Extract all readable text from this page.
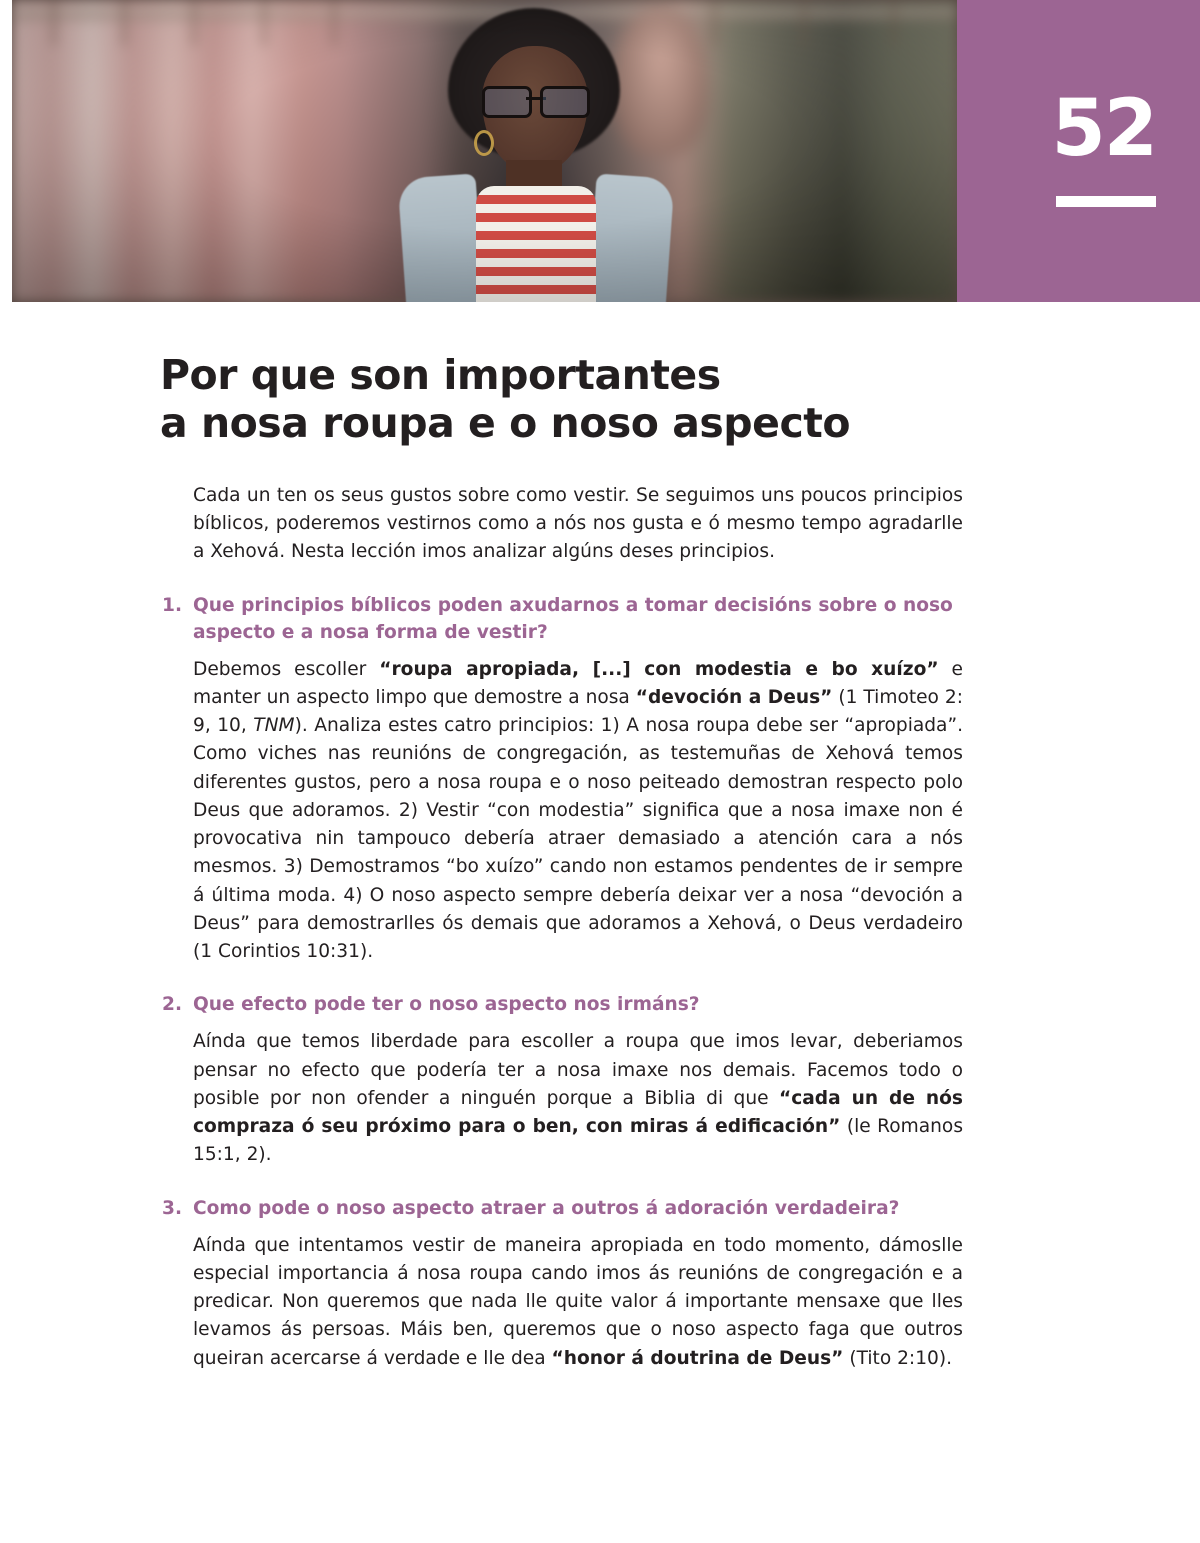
52
Por que son importantes
a nosa roupa e o noso aspecto

Cada un ten os seus gustos sobre como vestir. Se seguimos uns poucos principios bíblicos, poderemos vestirnos como a nós nos gusta e ó mesmo tempo agradarlle a Xehová. Nesta lección imos analizar algúns deses principios.

1. Que principios bíblicos poden axudarnos a tomar decisións sobre o noso aspecto e a nosa forma de vestir?
Debemos escoller “roupa apropiada, [...] con modestia e bo xuízo” e manter un aspecto limpo que demostre a nosa “devoción a Deus” (1 Timoteo 2: 9, 10, TNM). Analiza estes catro principios: 1) A nosa roupa debe ser “apropiada”. Como viches nas reunións de congregación, as testemuñas de Xehová temos diferentes gustos, pero a nosa roupa e o noso peiteado demostran respecto polo Deus que adoramos. 2) Vestir “con modestia” significa que a nosa imaxe non é provocativa nin tampouco debería atraer demasiado a atención cara a nós mesmos. 3) Demostramos “bo xuízo” cando non estamos pendentes de ir sempre á última moda. 4) O noso aspecto sempre debería deixar ver a nosa “devoción a Deus” para demostrarlles ós demais que adoramos a Xehová, o Deus verdadeiro (1 Corintios 10:31).
2. Que efecto pode ter o noso aspecto nos irmáns?
Aínda que temos liberdade para escoller a roupa que imos levar, deberiamos pensar no efecto que podería ter a nosa imaxe nos demais. Facemos todo o posible por non ofender a ninguén porque a Biblia di que “cada un de nós compraza ó seu próximo para o ben, con miras á edificación” (le Romanos 15:1, 2).
3. Como pode o noso aspecto atraer a outros á adoración verdadeira?
Aínda que intentamos vestir de maneira apropiada en todo momento, dámoslle especial importancia á nosa roupa cando imos ás reunións de congregación e a predicar. Non queremos que nada lle quite valor á importante mensaxe que lles levamos ás persoas. Máis ben, queremos que o noso aspecto faga que outros queiran acercarse á verdade e lle dea “honor á doutrina de Deus” (Tito 2:10).
